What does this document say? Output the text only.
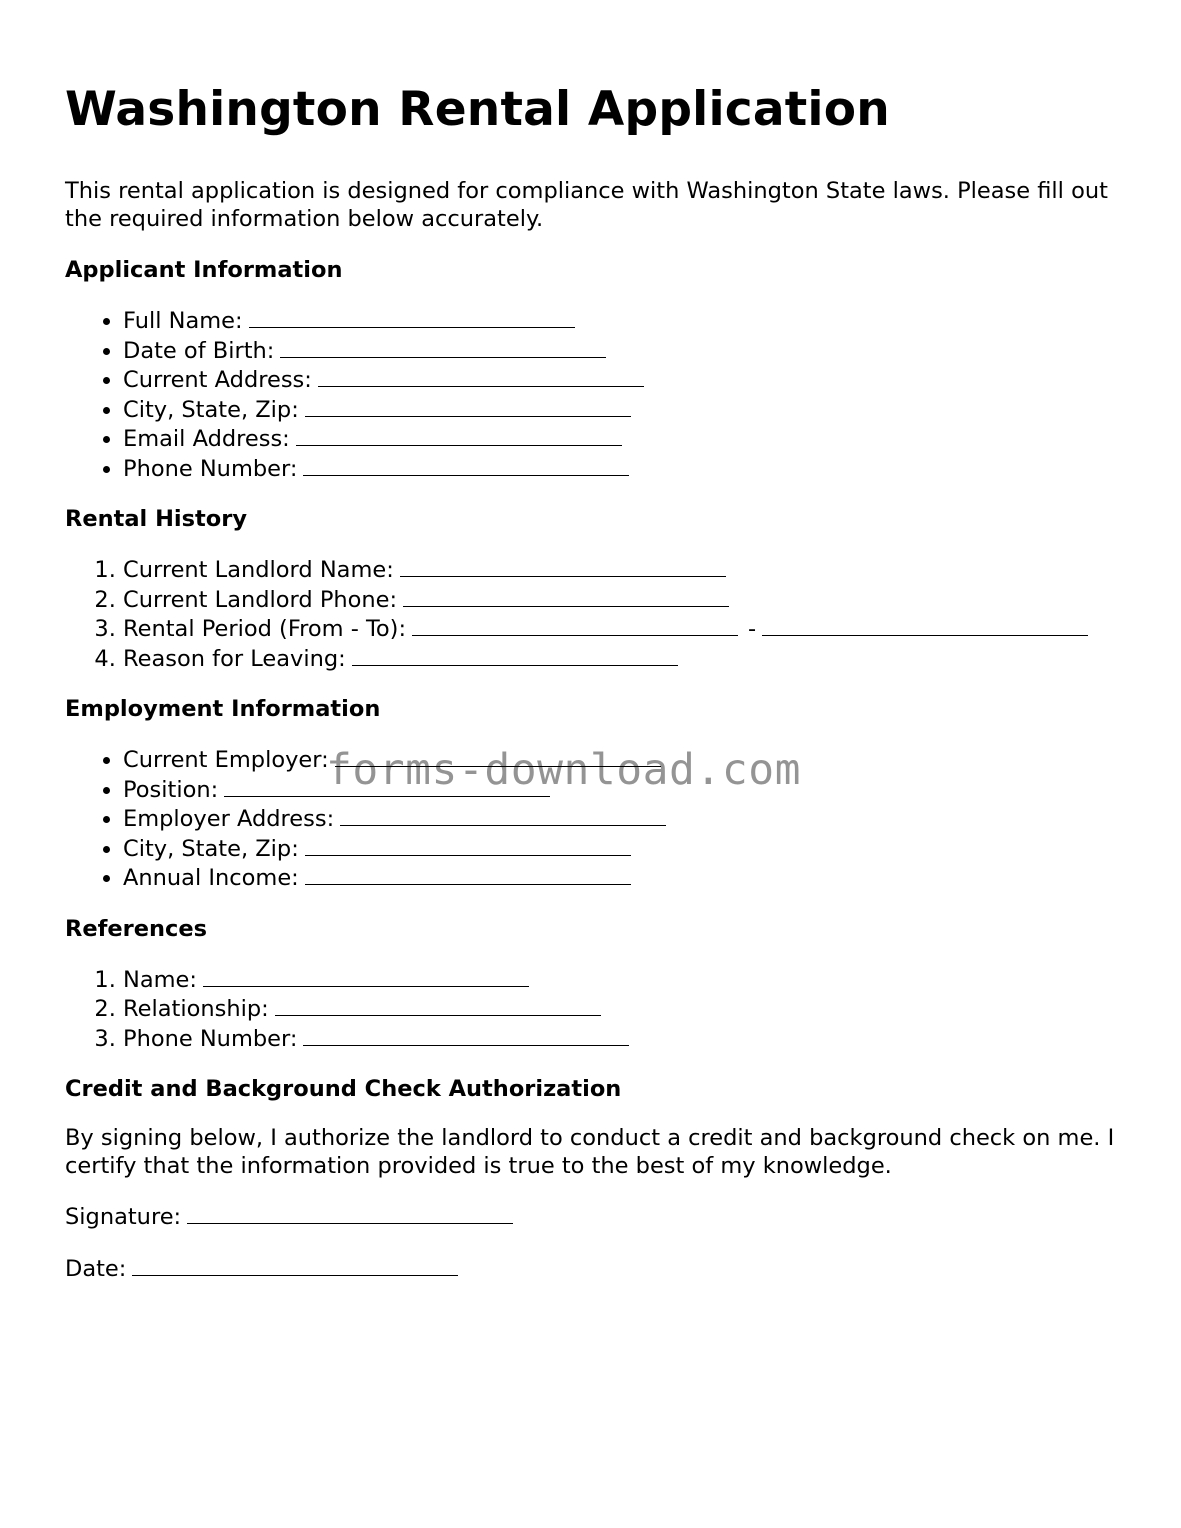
Washington Rental Application

This rental application is designed for compliance with Washington State laws. Please fill out the required information below accurately.

Applicant Information
• Full Name:
• Date of Birth:
• Current Address:
• City, State, Zip:
• Email Address:
• Phone Number:
Rental History
1. Current Landlord Name:
2. Current Landlord Phone:
3. Rental Period (From - To):	-
4. Reason for Leaving:
Employment Information
• Current Employer:
• Position:
• Employer Address:
• City, State, Zip:
• Annual Income:
References
1. Name:
2. Relationship:
3. Phone Number:
Credit and Background Check Authorization

By signing below, I authorize the landlord to conduct a credit and background check on me. I certify that the information provided is true to the best of my knowledge.

Signature:

Date:

forms-download.com
